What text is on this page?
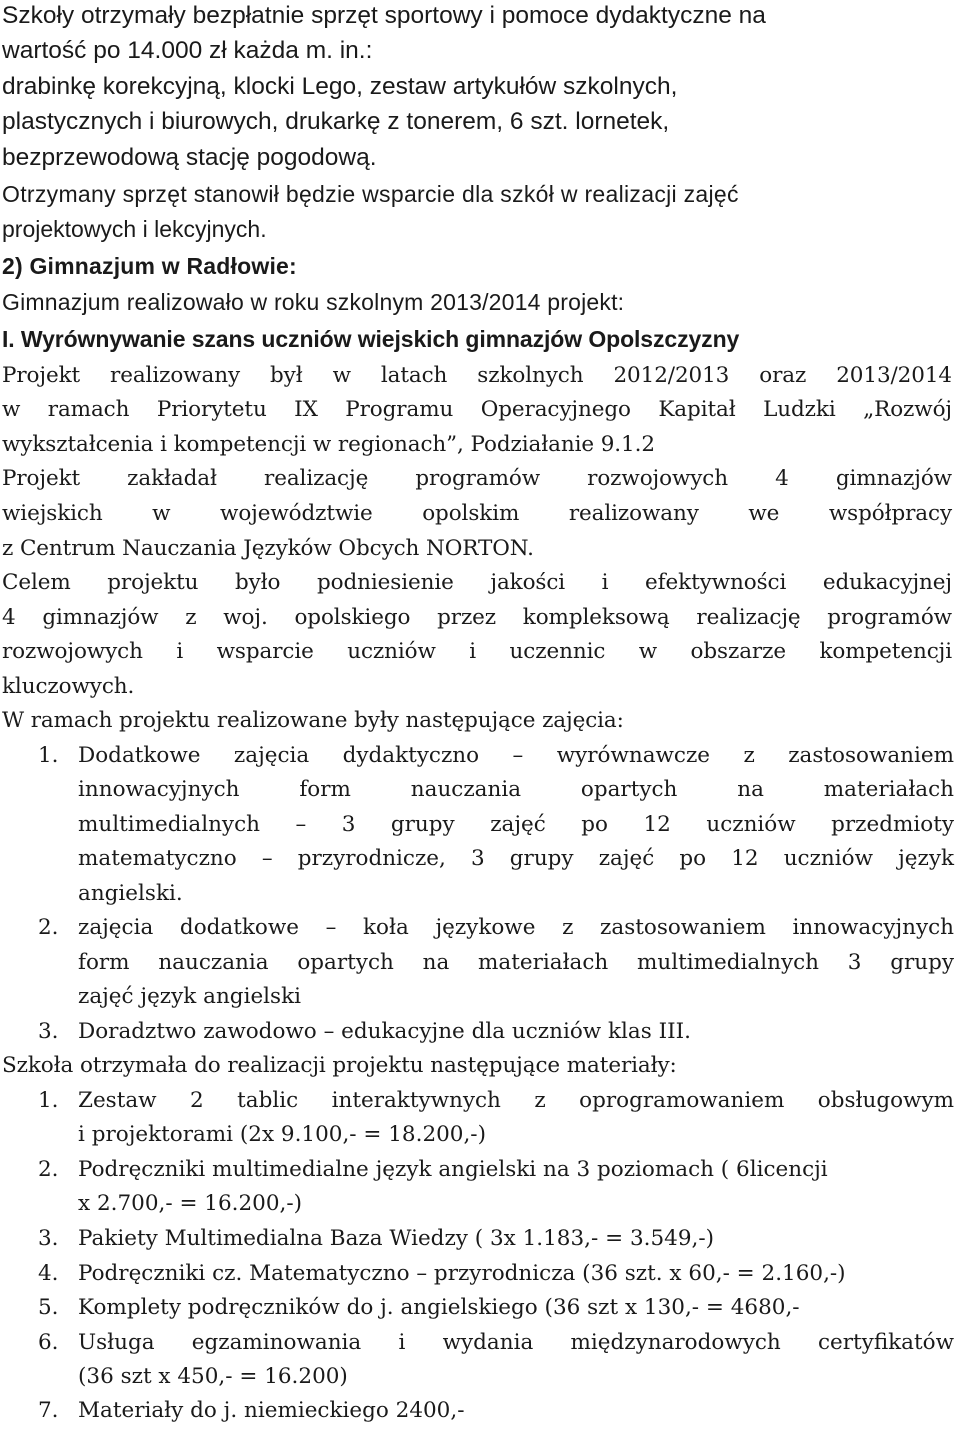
Szkoły otrzymały bezpłatnie sprzęt sportowy i pomoce dydaktyczne na
wartość po 14.000 zł każda m. in.:
drabinkę korekcyjną, klocki Lego, zestaw artykułów szkolnych,
plastycznych i biurowych, drukarkę z tonerem, 6 szt. lornetek,
bezprzewodową stację pogodową.
Otrzymany sprzęt stanowił będzie wsparcie dla szkół w realizacji zajęć
projektowych i lekcyjnych.
2) Gimnazjum w Radłowie:
Gimnazjum realizowało w roku szkolnym 2013/2014 projekt:
I. Wyrównywanie szans uczniów wiejskich gimnazjów Opolszczyzny
Projekt realizowany był w latach szkolnych 2012/2013 oraz 2013/2014
w ramach Priorytetu IX Programu Operacyjnego Kapitał Ludzki „Rozwój
wykształcenia i kompetencji w regionach”, Podziałanie 9.1.2
Projekt zakładał realizację programów rozwojowych 4 gimnazjów
wiejskich w województwie opolskim realizowany we współpracy
z Centrum Nauczania Języków Obcych NORTON.
Celem projektu było podniesienie jakości i efektywności edukacyjnej
4 gimnazjów z woj. opolskiego przez kompleksową realizację programów
rozwojowych i wsparcie uczniów i uczennic w obszarze kompetencji
kluczowych.
W ramach projektu realizowane były następujące zajęcia:
1. Dodatkowe zajęcia dydaktyczno – wyrównawcze z zastosowaniem
innowacyjnych form nauczania opartych na materiałach
multimedialnych – 3 grupy zajęć po 12 uczniów przedmioty
matematyczno – przyrodnicze, 3 grupy zajęć po 12 uczniów język
angielski.
2. zajęcia dodatkowe – koła językowe z zastosowaniem innowacyjnych
form nauczania opartych na materiałach multimedialnych 3 grupy
zajęć język angielski
3. Doradztwo zawodowo – edukacyjne dla uczniów klas III.
Szkoła otrzymała do realizacji projektu następujące materiały:
1. Zestaw 2 tablic interaktywnych z oprogramowaniem obsługowym
i projektorami (2x 9.100,- = 18.200,-)
2. Podręczniki multimedialne język angielski na 3 poziomach ( 6licencji
x 2.700,- = 16.200,-)
3. Pakiety Multimedialna Baza Wiedzy ( 3x 1.183,- = 3.549,-)
4. Podręczniki cz. Matematyczno – przyrodnicza (36 szt. x 60,- = 2.160,-)
5. Komplety podręczników do j. angielskiego (36 szt x 130,- = 4680,-
6. Usługa egzaminowania i wydania międzynarodowych certyfikatów
(36 szt x 450,- = 16.200)
7. Materiały do j. niemieckiego 2400,-
